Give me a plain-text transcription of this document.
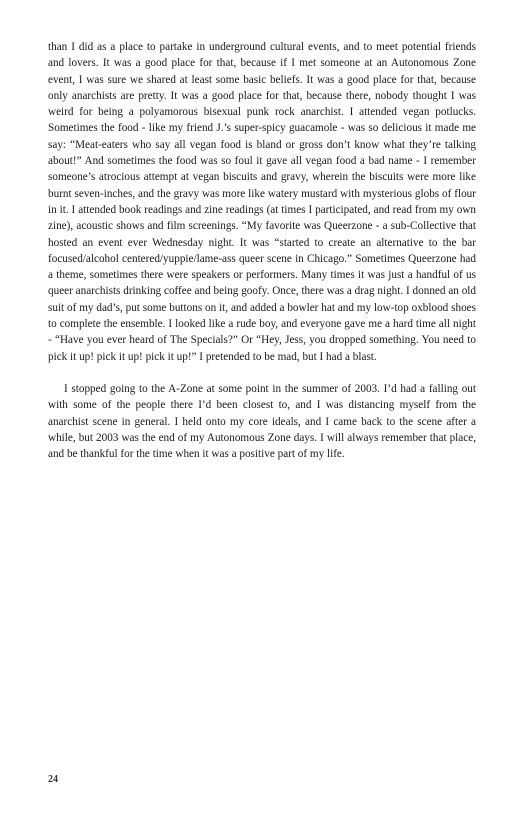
than I did as a place to partake in underground cultural events, and to meet potential friends and lovers. It was a good place for that, because if I met someone at an Autonomous Zone event, I was sure we shared at least some basic beliefs. It was a good place for that, because only anarchists are pretty. It was a good place for that, because there, nobody thought I was weird for being a polyamorous bisexual punk rock anarchist. I attended vegan potlucks. Sometimes the food - like my friend J.’s super-spicy guacamole - was so delicious it made me say: “Meat-eaters who say all vegan food is bland or gross don’t know what they’re talking about!” And sometimes the food was so foul it gave all vegan food a bad name - I remember someone’s atrocious attempt at vegan biscuits and gravy, wherein the biscuits were more like burnt seven-inches, and the gravy was more like watery mustard with mysterious globs of flour in it. I attended book readings and zine readings (at times I participated, and read from my own zine), acoustic shows and film screenings. “My favorite was Queerzone - a sub-Collective that hosted an event ever Wednesday night. It was “started to create an alternative to the bar focused/alcohol centered/yuppie/lame-ass queer scene in Chicago.” Sometimes Queerzone had a theme, sometimes there were speakers or performers. Many times it was just a handful of us queer anarchists drinking coffee and being goofy. Once, there was a drag night. I donned an old suit of my dad’s, put some buttons on it, and added a bowler hat and my low-top oxblood shoes to complete the ensemble. I looked like a rude boy, and everyone gave me a hard time all night - “Have you ever heard of The Specials?” Or “Hey, Jess, you dropped something. You need to pick it up! pick it up! pick it up!” I pretended to be mad, but I had a blast.

I stopped going to the A-Zone at some point in the summer of 2003. I’d had a falling out with some of the people there I’d been closest to, and I was distancing myself from the anarchist scene in general. I held onto my core ideals, and I came back to the scene after a while, but 2003 was the end of my Autonomous Zone days. I will always remember that place, and be thankful for the time when it was a positive part of my life.

24
